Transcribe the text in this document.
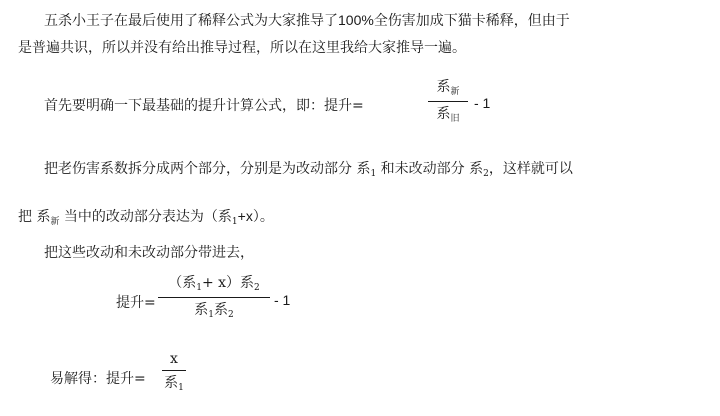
五杀小王子在最后使用了稀释公式为大家推导了100%全伤害加成下猫卡稀释，但由于
是普遍共识，所以并没有给出推导过程，所以在这里我给大家推导一遍。
首先要明确一下最基础的提升计算公式，即：提升=
系$_新$
系$_旧$
- 1
把老伤害系数拆分成两个部分，分别是为改动部分 系$_1$ 和未改动部分 系$_2$，这样就可以
把 系$_新$ 当中的改动部分表达为（系$_1$+x）。
把这些改动和未改动部分带进去，
提升=
（系$_1$+ x）系$_2$
系$_1$系$_2$
- 1
易解得：提升=
x
系$_1$
